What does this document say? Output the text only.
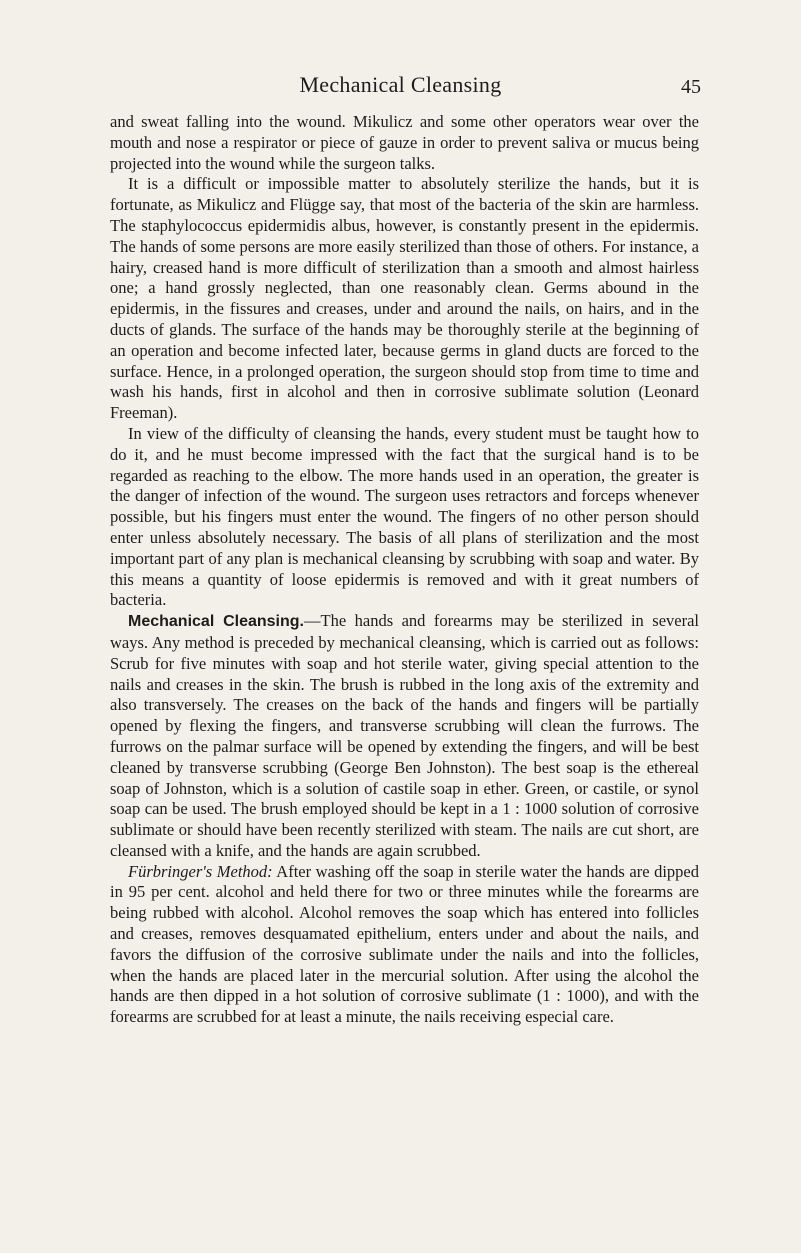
Mechanical Cleansing	45

and sweat falling into the wound. Mikulicz and some other operators wear over the mouth and nose a respirator or piece of gauze in order to prevent saliva or mucus being projected into the wound while the surgeon talks.

It is a difficult or impossible matter to absolutely sterilize the hands, but it is fortunate, as Mikulicz and Flügge say, that most of the bacteria of the skin are harmless. The staphylococcus epidermidis albus, however, is constantly present in the epidermis. The hands of some persons are more easily sterilized than those of others. For instance, a hairy, creased hand is more difficult of sterilization than a smooth and almost hairless one; a hand grossly neglected, than one reasonably clean. Germs abound in the epidermis, in the fissures and creases, under and around the nails, on hairs, and in the ducts of glands. The surface of the hands may be thoroughly sterile at the beginning of an operation and become infected later, because germs in gland ducts are forced to the surface. Hence, in a prolonged operation, the surgeon should stop from time to time and wash his hands, first in alcohol and then in corrosive sublimate solution (Leonard Freeman).

In view of the difficulty of cleansing the hands, every student must be taught how to do it, and he must become impressed with the fact that the surgical hand is to be regarded as reaching to the elbow. The more hands used in an operation, the greater is the danger of infection of the wound. The surgeon uses retractors and forceps whenever possible, but his fingers must enter the wound. The fingers of no other person should enter unless absolutely necessary. The basis of all plans of sterilization and the most important part of any plan is mechanical cleansing by scrubbing with soap and water. By this means a quantity of loose epidermis is removed and with it great numbers of bacteria.

Mechanical Cleansing.—The hands and forearms may be sterilized in several ways. Any method is preceded by mechanical cleansing, which is carried out as follows: Scrub for five minutes with soap and hot sterile water, giving special attention to the nails and creases in the skin. The brush is rubbed in the long axis of the extremity and also transversely. The creases on the back of the hands and fingers will be partially opened by flexing the fingers, and transverse scrubbing will clean the furrows. The furrows on the palmar surface will be opened by extending the fingers, and will be best cleaned by transverse scrubbing (George Ben Johnston). The best soap is the ethereal soap of Johnston, which is a solution of castile soap in ether. Green, or castile, or synol soap can be used. The brush employed should be kept in a 1 : 1000 solution of corrosive sublimate or should have been recently sterilized with steam. The nails are cut short, are cleansed with a knife, and the hands are again scrubbed.

Fürbringer's Method: After washing off the soap in sterile water the hands are dipped in 95 per cent. alcohol and held there for two or three minutes while the forearms are being rubbed with alcohol. Alcohol removes the soap which has entered into follicles and creases, removes desquamated epithelium, enters under and about the nails, and favors the diffusion of the corrosive sublimate under the nails and into the follicles, when the hands are placed later in the mercurial solution. After using the alcohol the hands are then dipped in a hot solution of corrosive sublimate (1 : 1000), and with the forearms are scrubbed for at least a minute, the nails receiving especial care.
